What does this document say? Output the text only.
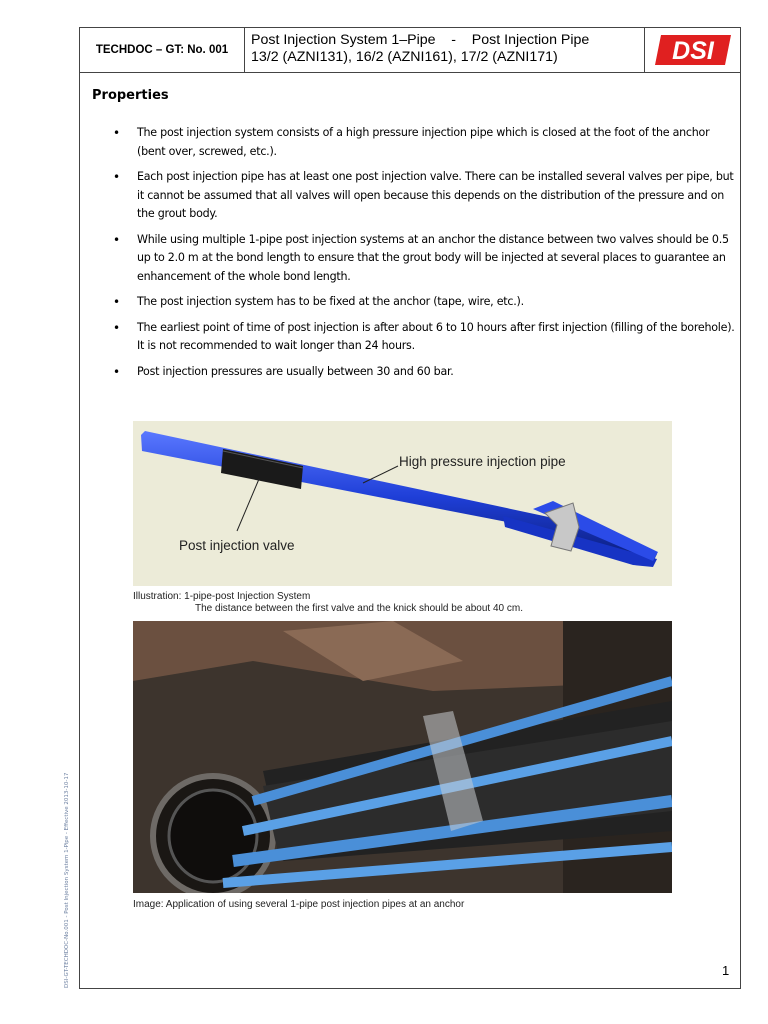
TECHDOC – GT: No. 001
Post Injection System 1–Pipe    -    Post Injection Pipe
13/2 (AZNI131), 16/2 (AZNI161), 17/2 (AZNI171)	DSI
Properties
• The post injection system consists of a high pressure injection pipe which is closed at the foot of the anchor (bent over, screwed, etc.).
• Each post injection pipe has at least one post injection valve. There can be installed several valves per pipe, but it cannot be assumed that all valves will open because this depends on the distribution of the pressure and on the grout body.
• While using multiple 1-pipe post injection systems at an anchor the distance between two valves should be 0.5 up to 2.0 m at the bond length to ensure that the grout body will be injected at several places to guarantee an enhancement of the whole bond length.
• The post injection system has to be fixed at the anchor (tape, wire, etc.).
• The earliest point of time of post injection is after about 6 to 10 hours after first injection (filling of the borehole). It is not recommended to wait longer than 24 hours.
• Post injection pressures are usually between 30 and 60 bar.
High pressure injection pipe
Post injection valve
Illustration: 1-pipe-post Injection System
The distance between the first valve and the knick should be about 40 cm.
Image: Application of using several 1-pipe post injection pipes at an anchor
DSI-GT-TECHDOC-No.001 - Post Injection System 1-Pipe - Effective 2013-10-17	1
